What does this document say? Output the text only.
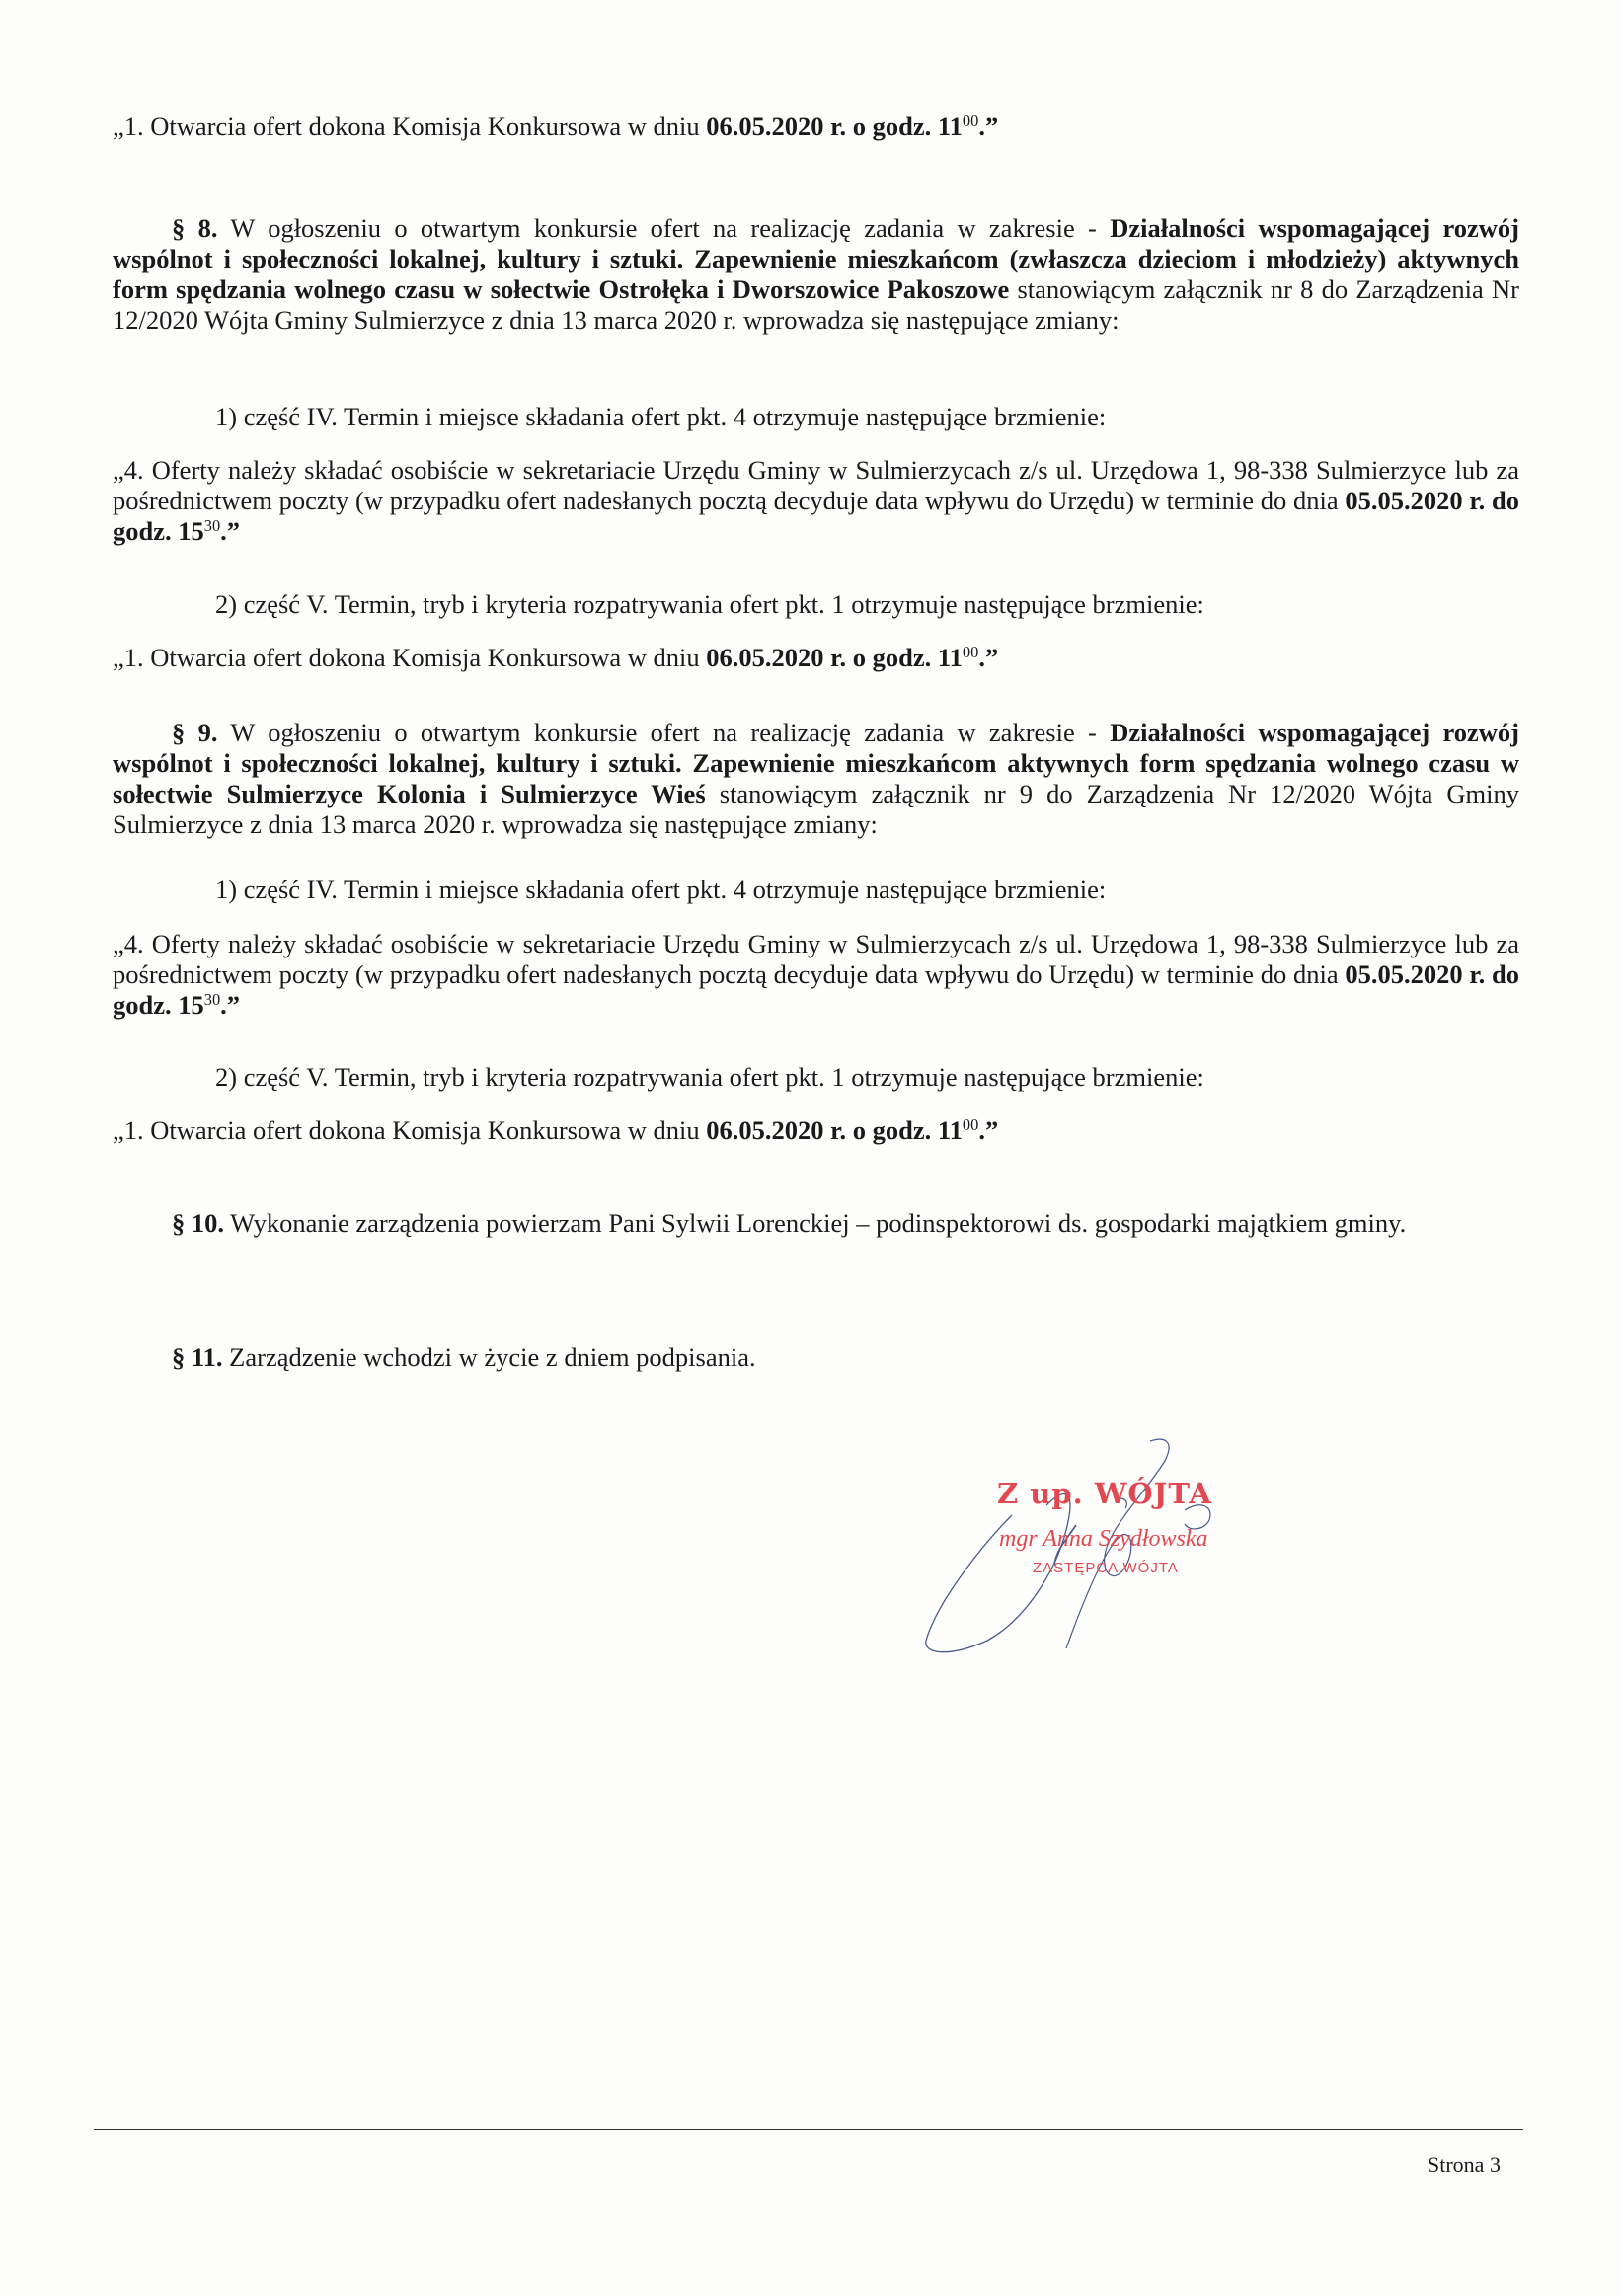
„1. Otwarcia ofert dokona Komisja Konkursowa w dniu 06.05.2020 r. o godz. $11^{00}$.”
§ 8. W ogłoszeniu o otwartym konkursie ofert na realizację zadania w zakresie - Działalności wspomagającej rozwój wspólnot i społeczności lokalnej, kultury i sztuki. Zapewnienie mieszkańcom (zwłaszcza dzieciom i młodzieży) aktywnych form spędzania wolnego czasu w sołectwie Ostrołęka i Dworszowice Pakoszowe stanowiącym załącznik nr 8 do Zarządzenia Nr 12/2020 Wójta Gminy Sulmierzyce z dnia 13 marca 2020 r. wprowadza się następujące zmiany:
1) część IV. Termin i miejsce składania ofert pkt. 4 otrzymuje następujące brzmienie:
„4. Oferty należy składać osobiście w sekretariacie Urzędu Gminy w Sulmierzycach z/s ul. Urzędowa 1, 98-338 Sulmierzyce lub za pośrednictwem poczty (w przypadku ofert nadesłanych pocztą decyduje data wpływu do Urzędu) w terminie do dnia 05.05.2020 r. do godz. $15^{30}$.”
2) część V. Termin, tryb i kryteria rozpatrywania ofert pkt. 1 otrzymuje następujące brzmienie:
„1. Otwarcia ofert dokona Komisja Konkursowa w dniu 06.05.2020 r. o godz. $11^{00}$.”
§ 9. W ogłoszeniu o otwartym konkursie ofert na realizację zadania w zakresie - Działalności wspomagającej rozwój wspólnot i społeczności lokalnej, kultury i sztuki. Zapewnienie mieszkańcom aktywnych form spędzania wolnego czasu w sołectwie Sulmierzyce Kolonia i Sulmierzyce Wieś stanowiącym załącznik nr 9 do Zarządzenia Nr 12/2020 Wójta Gminy Sulmierzyce z dnia 13 marca 2020 r. wprowadza się następujące zmiany:
1) część IV. Termin i miejsce składania ofert pkt. 4 otrzymuje następujące brzmienie:
„4. Oferty należy składać osobiście w sekretariacie Urzędu Gminy w Sulmierzycach z/s ul. Urzędowa 1, 98-338 Sulmierzyce lub za pośrednictwem poczty (w przypadku ofert nadesłanych pocztą decyduje data wpływu do Urzędu) w terminie do dnia 05.05.2020 r. do godz. $15^{30}$.”
2) część V. Termin, tryb i kryteria rozpatrywania ofert pkt. 1 otrzymuje następujące brzmienie:
„1. Otwarcia ofert dokona Komisja Konkursowa w dniu 06.05.2020 r. o godz. $11^{00}$.”
§ 10. Wykonanie zarządzenia powierzam Pani Sylwii Lorenckiej – podinspektorowi ds. gospodarki majątkiem gminy.
§ 11. Zarządzenie wchodzi w życie z dniem podpisania.
Z up. WÓJTA
mgr Anna Szydłowska
ZASTĘPCA WÓJTA
Strona 3
